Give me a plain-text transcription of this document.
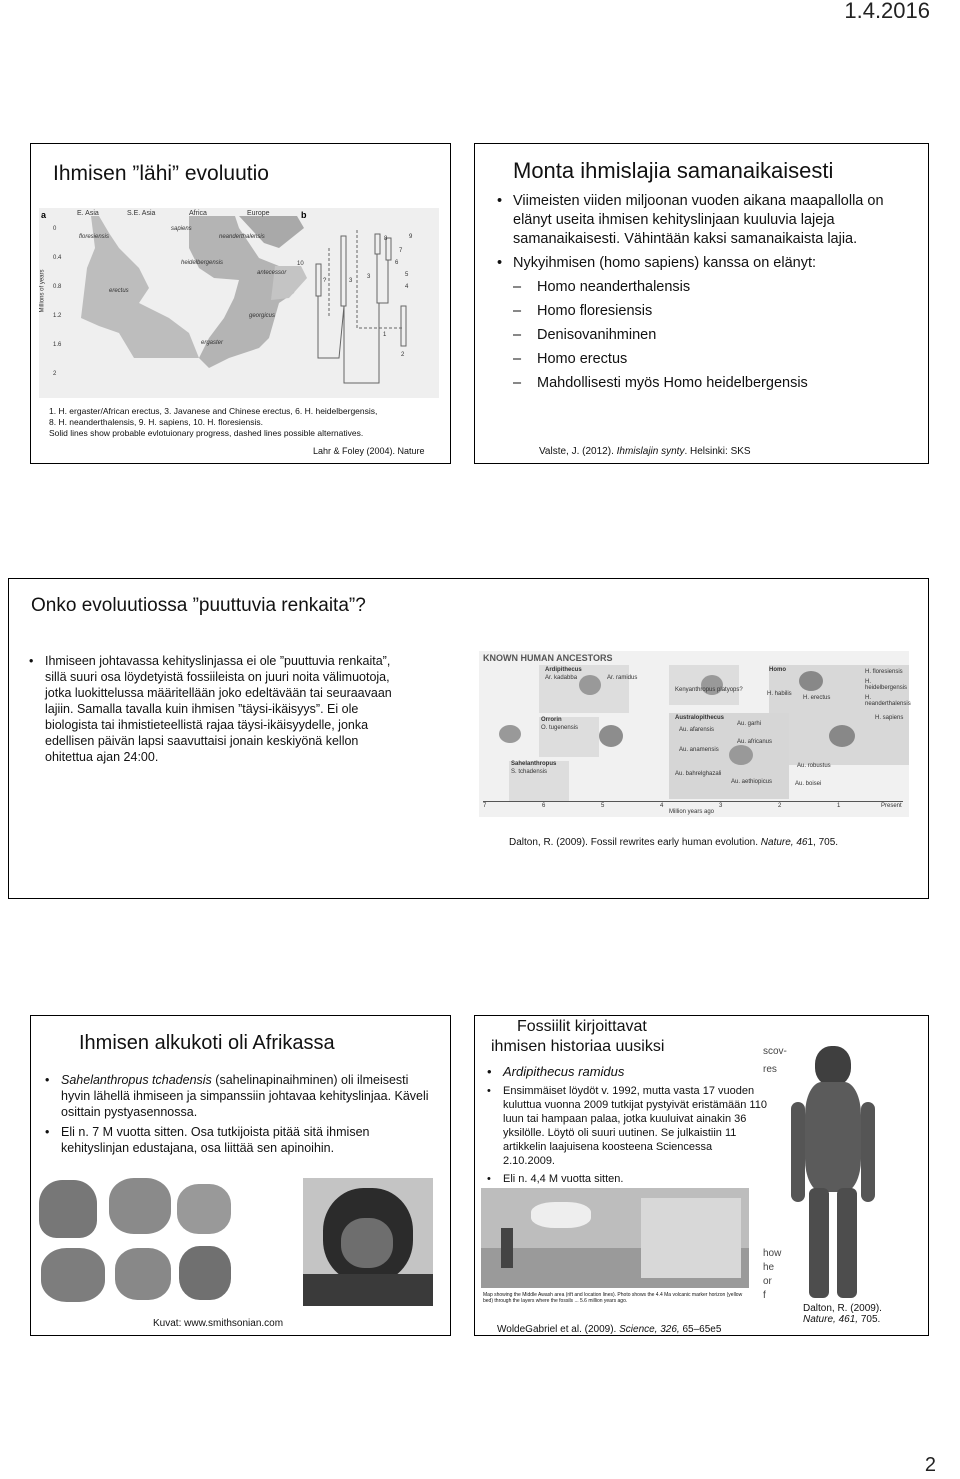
1.4.2016
Ihmisen ”lähi” evoluutio
a	b
E. Asia	S.E. Asia	Africa	Europe
Millions of years
0
0.4
0.8
1.2
1.6
2
floresiensis
sapiens
neanderthalensis
heidelbergensis
erectus
antecessor
georgicus
ergaster
10
?
8	9
7
6
5
4
3
3
1
2
1. H. ergaster/African erectus, 3. Javanese and Chinese erectus, 6. H. heidelbergensis,
8. H. neanderthalensis, 9. H. sapiens, 10. H. floresiensis.
Solid lines show probable evlotuionary progress, dashed lines possible alternatives.
Lahr & Foley (2004). Nature
Monta ihmislajia samanaikaisesti
• Viimeisten viiden miljoonan vuoden aikana maapallolla on elänyt useita ihmisen kehityslinjaan kuuluvia lajeja samanaikaisesti. Vähintään kaksi samanaikaista lajia.
• Nykyihmisen (homo sapiens) kanssa on elänyt:
– Homo neanderthalensis
– Homo floresiensis
– Denisovanihminen
– Homo erectus
– Mahdollisesti myös Homo heidelbergensis
Valste, J. (2012). Ihmislajin synty. Helsinki: SKS
Onko evoluutiossa ”puuttuvia renkaita”?
• Ihmiseen johtavassa kehityslinjassa ei ole ”puuttuvia renkaita”, sillä suuri osa löydetyistä fossiileista on juuri noita välimuotoja, jotka luokittelussa määritellään joko edeltävään tai seuraavaan lajiin. Samalla tavalla kuin ihmisen ”täysi-ikäisyys”. Ei ole biologista tai ihmistieteellistä rajaa täysi-ikäisyydelle, jonka edellisen päivän lapsi saavuttaisi jonain keskiyönä kellon ohitettua ajan 24:00.
KNOWN HUMAN ANCESTORS
Ardipithecus
Orrorin
Sahelanthropus
Australopithecus
Homo
Ar. kadabba	Ar. ramidus
Kenyanthropus platyops?
O. tugenensis
S. tchadensis
Au. afarensis
Au. anamensis
Au. bahrelghazali
Au. garhi
Au. africanus
Au. aethiopicus
Au. robustus
Au. boisei
H. habilis
H. erectus
H. heidelbergensis
H. floresiensis
H. neanderthalensis
H. sapiens
7	6	5	4	3	2	1	Present
Million years ago
Dalton, R. (2009). Fossil rewrites early human evolution. Nature, 461, 705.
Ihmisen alkukoti oli Afrikassa
• Sahelanthropus tchadensis (sahelinapinaihminen) oli ilmeisesti hyvin lähellä ihmiseen ja simpanssiin johtavaa kehityslinjaa. Käveli osittain pystyasennossa.
• Eli n. 7 M vuotta sitten. Osa tutkijoista pitää sitä ihmisen kehityslinjan edustajana, osa liittää sen apinoihin.
Kuvat: www.smithsonian.com
Fossiilit kirjoittavat
ihmisen historiaa uusiksi
• Ardipithecus ramidus
• Ensimmäiset löydöt v. 1992, mutta vasta 17 vuoden kuluttua vuonna 2009 tutkijat pystyivät eristämään 110 luun tai hampaan palaa, jotka kuuluivat ainakin 36 yksilölle. Löytö oli suuri uutinen. Se julkaistiin 11 artikkelin laajuisena koosteena Sciencessa 2.10.2009.
• Eli n. 4,4 M vuotta sitten.
Map showing the Middle Awash area (rift and location lines). Photo shows the 4.4 Ma volcanic marker horizon (yellow bed) through the layers where the fossils ... 5.6 million years ago.
scov-
res
how
he
or
f
WoldeGabriel et al. (2009). Science, 326, 65–65e5
Dalton, R. (2009).
Nature, 461, 705.
2
